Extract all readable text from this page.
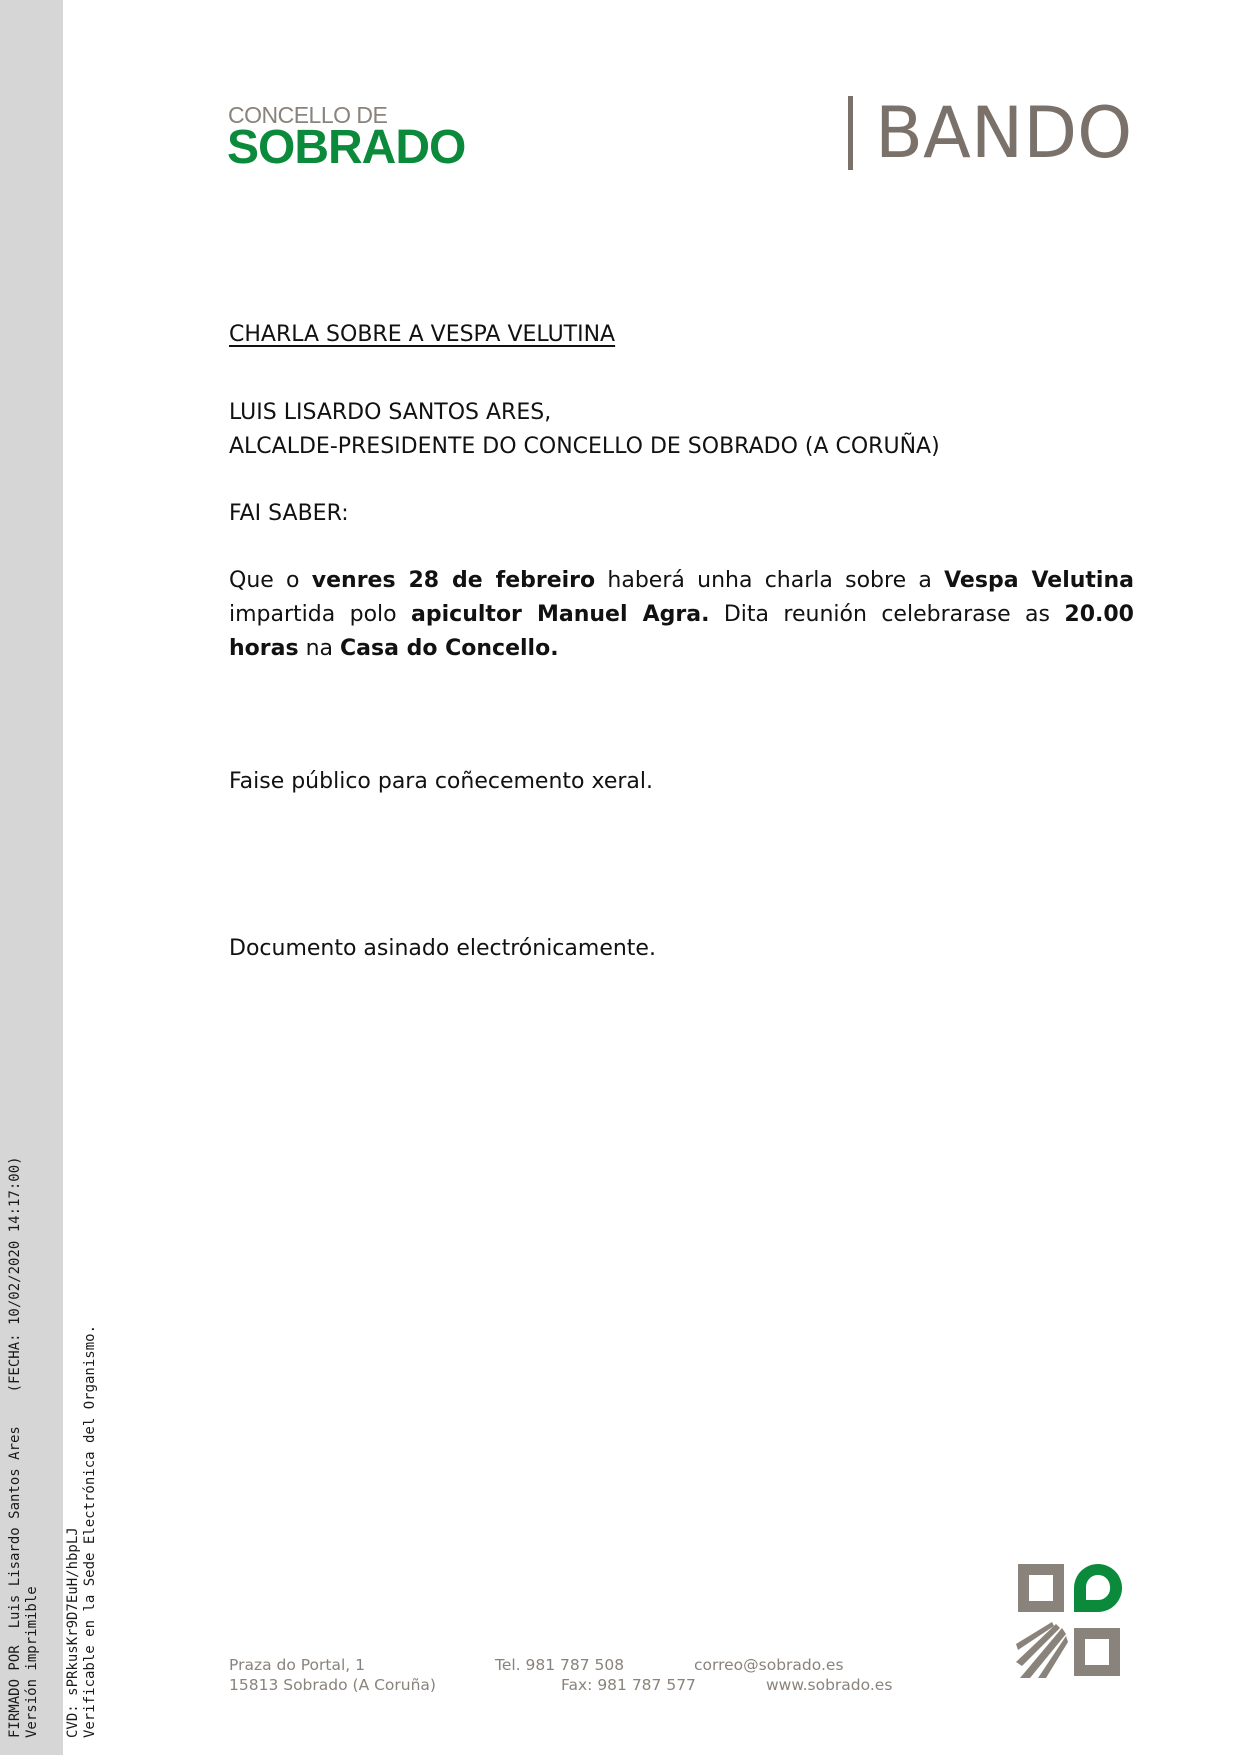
FIRMADO POR  Luis Lisardo Santos Ares    (FECHA: 10/02/2020 14:17:00)
Versión imprimible CVD: sPRkusKr9D7EuH/hbpLJ
Verificable en la Sede Electrónica del Organismo.
CONCELLO DE
SOBRADO	BANDO
CHARLA SOBRE A VESPA VELUTINA
LUIS LISARDO SANTOS ARES,
ALCALDE-PRESIDENTE DO CONCELLO DE SOBRADO (A CORUÑA)
FAI SABER:
Que o venres 28 de febreiro haberá unha charla sobre a Vespa Velutina impartida polo apicultor Manuel Agra. Dita reunión celebrarase as 20.00 horas na Casa do Concello.
Faise público para coñecemento xeral.
Documento asinado electrónicamente.
Praza do Portal, 1
15813 Sobrado (A Coruña)
Tel. 981 787 508
Fax: 981 787 577
correo@sobrado.es
www.sobrado.es
